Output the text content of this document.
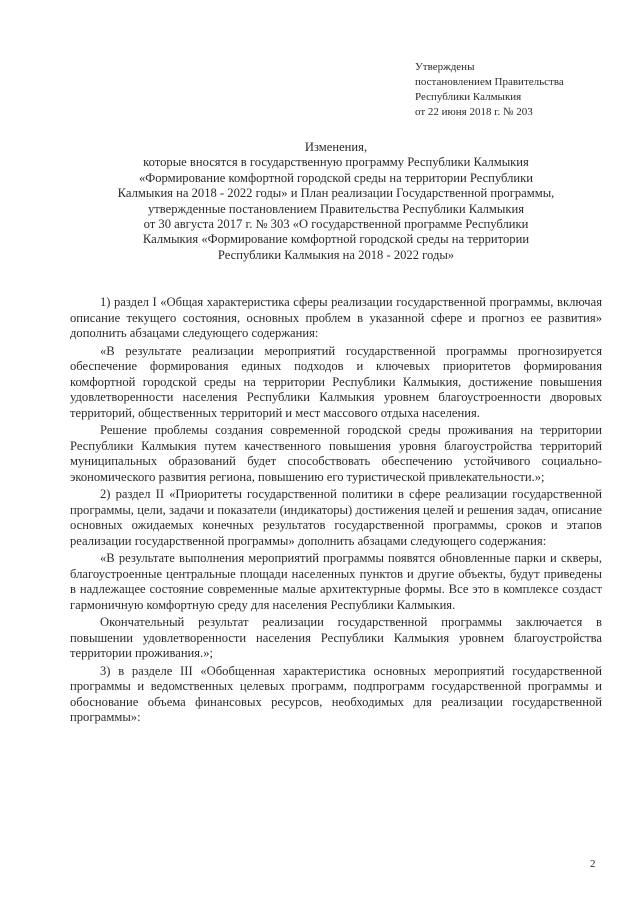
Утверждены
постановлением Правительства
Республики Калмыкия
от 22 июня 2018 г. № 203
Изменения,
которые вносятся в государственную программу Республики Калмыкия
«Формирование комфортной городской среды на территории Республики
Калмыкия на 2018 - 2022 годы» и План реализации Государственной программы,
утвержденные постановлением Правительства Республики Калмыкия
от 30 августа 2017 г. № 303 «О государственной программе Республики
Калмыкия «Формирование комфортной городской среды на территории
Республики Калмыкия на 2018 - 2022 годы»

1) раздел I «Общая характеристика сферы реализации государственной программы, включая описание текущего состояния, основных проблем в указанной сфере и прогноз ее развития» дополнить абзацами следующего содержания:

«В результате реализации мероприятий государственной программы прогнозируется обеспечение формирования единых подходов и ключевых приоритетов формирования комфортной городской среды на территории Республики Калмыкия, достижение повышения удовлетворенности населения Республики Калмыкия уровнем благоустроенности дворовых территорий, общественных территорий и мест массового отдыха населения.

Решение проблемы создания современной городской среды проживания на территории Республики Калмыкия путем качественного повышения уровня благоустройства территорий муниципальных образований будет способствовать обеспечению устойчивого социально-экономического развития региона, повышению его туристической привлекательности.»;

2) раздел II «Приоритеты государственной политики в сфере реализации государственной программы, цели, задачи и показатели (индикаторы) достижения целей и решения задач, описание основных ожидаемых конечных результатов государственной программы, сроков и этапов реализации государственной программы» дополнить абзацами следующего содержания:

«В результате выполнения мероприятий программы появятся обновленные парки и скверы, благоустроенные центральные площади населенных пунктов и другие объекты, будут приведены в надлежащее состояние современные малые архитектурные формы. Все это в комплексе создаст гармоничную комфортную среду для населения Республики Калмыкия.

Окончательный результат реализации государственной программы заключается в повышении удовлетворенности населения Республики Калмыкия уровнем благоустройства территории проживания.»;

3) в разделе III «Обобщенная характеристика основных мероприятий государственной программы и ведомственных целевых программ, подпрограмм государственной программы и обоснование объема финансовых ресурсов, необходимых для реализации государственной программы»:

2
